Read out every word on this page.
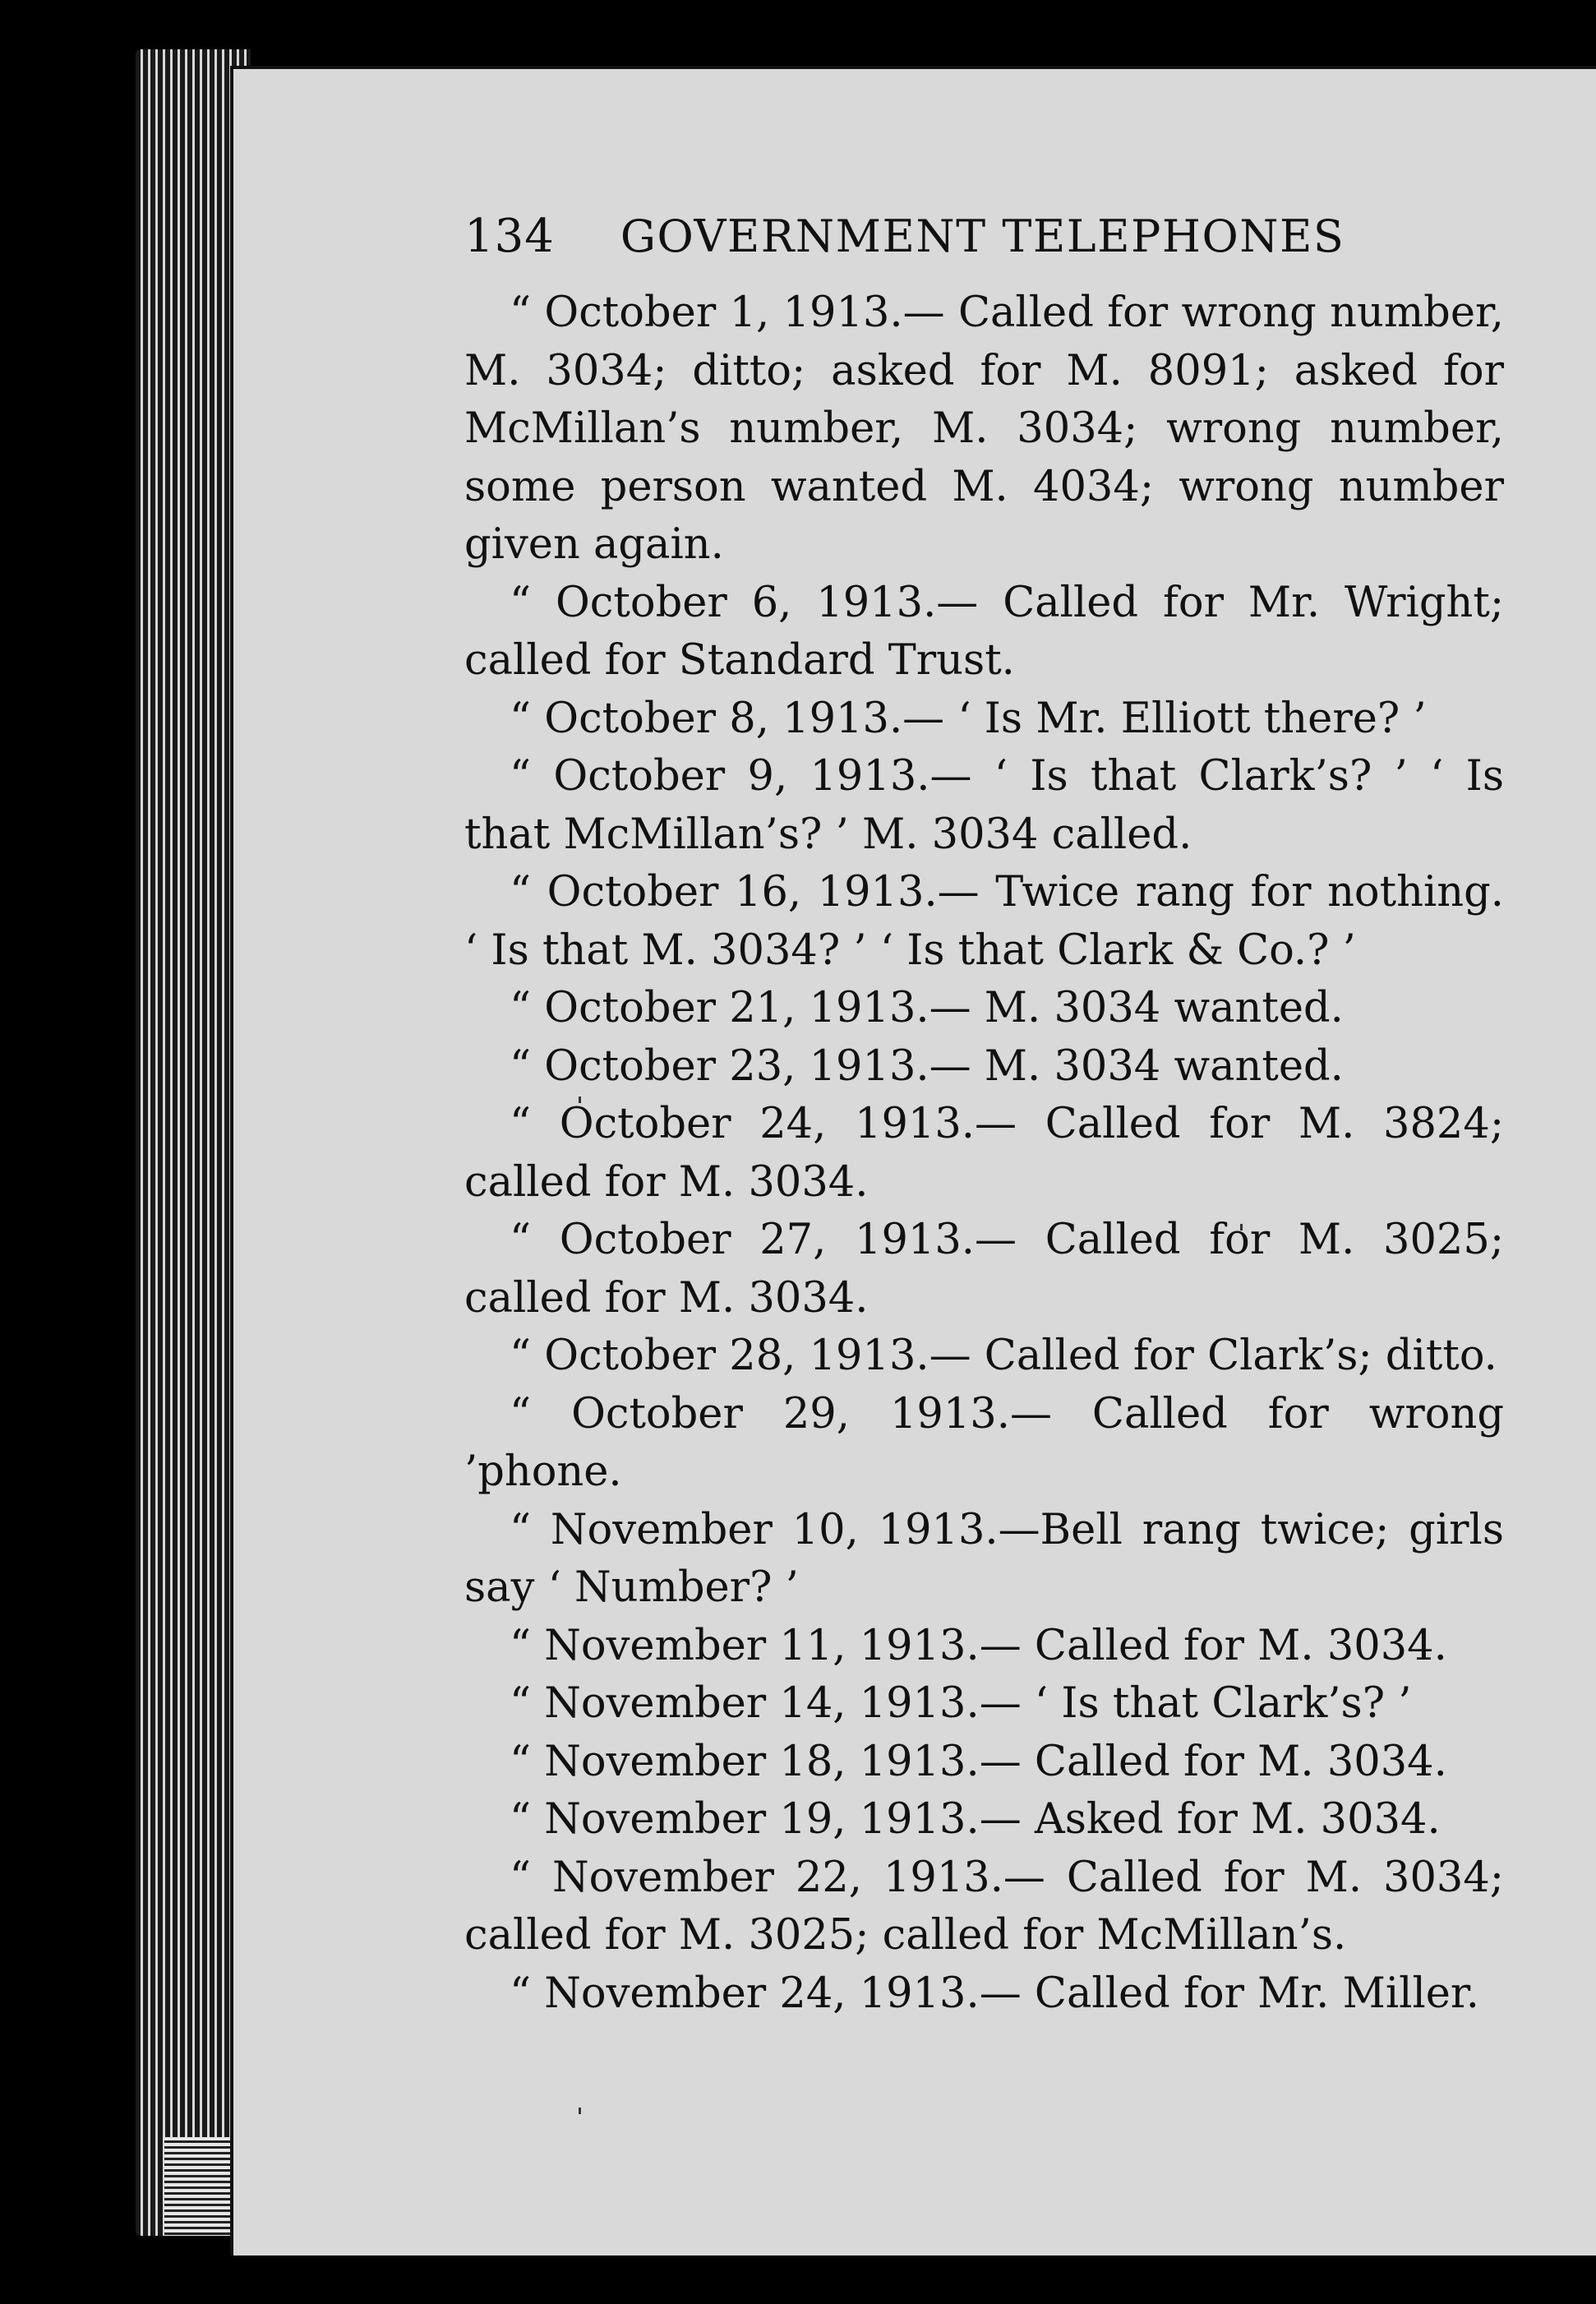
134 GOVERNMENT TELEPHONES

“ October 1, 1913.— Called for wrong number, M. 3034; ditto; asked for M. 8091; asked for McMillan’s number, M. 3034; wrong number, some person wanted M. 4034; wrong number given again.

“ October 6, 1913.— Called for Mr. Wright; called for Standard Trust.

“ October 8, 1913.— ‘ Is Mr. Elliott there? ’

“ October 9, 1913.— ‘ Is that Clark’s? ’ ‘ Is that McMillan’s? ’ M. 3034 called.

“ October 16, 1913.— Twice rang for nothing. ‘ Is that M. 3034? ’ ‘ Is that Clark & Co.? ’

“ October 21, 1913.— M. 3034 wanted.

“ October 23, 1913.— M. 3034 wanted.

“ October 24, 1913.— Called for M. 3824; called for M. 3034.

“ October 27, 1913.— Called for M. 3025; called for M. 3034.

“ October 28, 1913.— Called for Clark’s; ditto.

“ October 29, 1913.— Called for wrong ’phone.

“ November 10, 1913.—Bell rang twice; girls say ‘ Number? ’

“ November 11, 1913.— Called for M. 3034.

“ November 14, 1913.— ‘ Is that Clark’s? ’

“ November 18, 1913.— Called for M. 3034.

“ November 19, 1913.— Asked for M. 3034.

“ November 22, 1913.— Called for M. 3034; called for M. 3025; called for McMillan’s.

“ November 24, 1913.— Called for Mr. Miller.
